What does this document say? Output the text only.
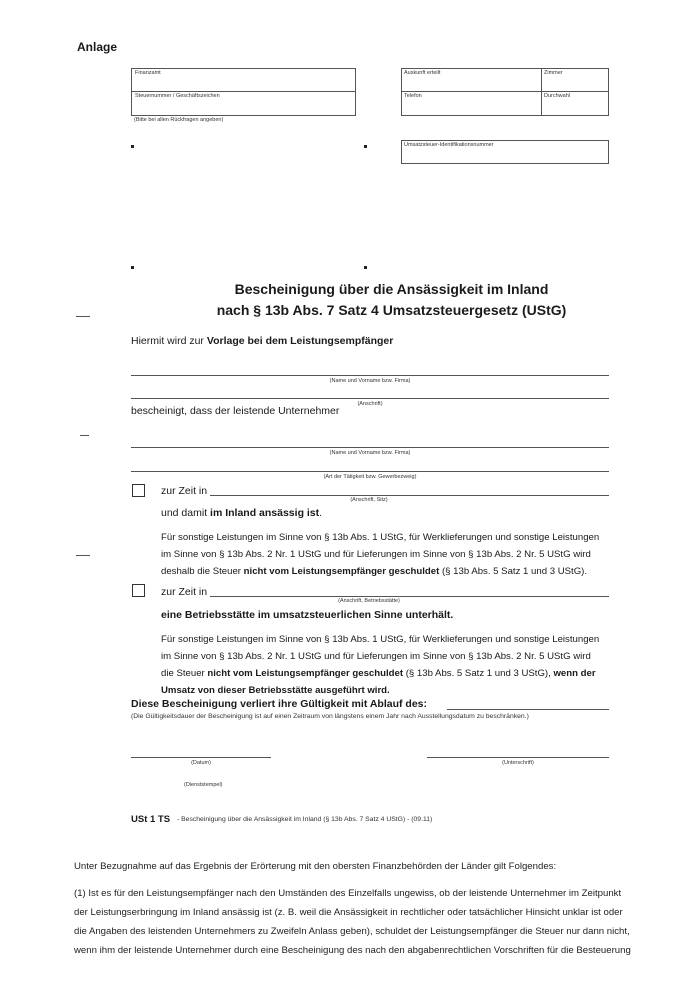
Anlage
Finanzamt
Steuernummer / Geschäftszeichen
(Bitte bei allen Rückfragen angeben)
Auskunft erteilt	Zimmer
Telefon	Durchwahl
Umsatzsteuer-Identifikationsnummer
Bescheinigung über die Ansässigkeit im Inland
nach § 13b Abs. 7 Satz 4 Umsatzsteuergesetz (UStG)
Hiermit wird zur Vorlage bei dem Leistungsempfänger
(Name und Vorname bzw. Firma)
(Anschrift)
bescheinigt, dass der leistende Unternehmer
(Name und Vorname bzw. Firma)
(Art der Tätigkeit bzw. Gewerbezweig)
zur Zeit in
(Anschrift, Sitz)
und damit im Inland ansässig ist.
Für sonstige Leistungen im Sinne von § 13b Abs. 1 UStG, für Werklieferungen und sonstige Leistungen
im Sinne von § 13b Abs. 2 Nr. 1 UStG und für Lieferungen im Sinne von § 13b Abs. 2 Nr. 5 UStG wird
deshalb die Steuer nicht vom Leistungsempfänger geschuldet (§ 13b Abs. 5 Satz 1 und 3 UStG).
zur Zeit in
(Anschrift, Betriebsstätte)
eine Betriebsstätte im umsatzsteuerlichen Sinne unterhält.
Für sonstige Leistungen im Sinne von § 13b Abs. 1 UStG, für Werklieferungen und sonstige Leistungen
im Sinne von § 13b Abs. 2 Nr. 1 UStG und für Lieferungen im Sinne von § 13b Abs. 2 Nr. 5 UStG wird
die Steuer nicht vom Leistungsempfänger geschuldet (§ 13b Abs. 5 Satz 1 und 3 UStG), wenn der
Umsatz von dieser Betriebsstätte ausgeführt wird.
Diese Bescheinigung verliert ihre Gültigkeit mit Ablauf des:
(Die Gültigkeitsdauer der Bescheinigung ist auf einen Zeitraum von längstens einem Jahr nach Ausstellungsdatum zu beschränken.)
(Datum)	(Unterschrift)
(Dienststempel)
USt 1 TS - Bescheinigung über die Ansässigkeit im Inland (§ 13b Abs. 7 Satz 4 UStG) - (09.11)
Unter Bezugnahme auf das Ergebnis der Erörterung mit den obersten Finanzbehörden der Länder gilt Folgendes:
(1) Ist es für den Leistungsempfänger nach den Umständen des Einzelfalls ungewiss, ob der leistende Unternehmer im Zeitpunkt
der Leistungserbringung im Inland ansässig ist (z. B. weil die Ansässigkeit in rechtlicher oder tatsächlicher Hinsicht unklar ist oder
die Angaben des leistenden Unternehmers zu Zweifeln Anlass geben), schuldet der Leistungsempfänger die Steuer nur dann nicht,
wenn ihm der leistende Unternehmer durch eine Bescheinigung des nach den abgabenrechtlichen Vorschriften für die Besteuerung
